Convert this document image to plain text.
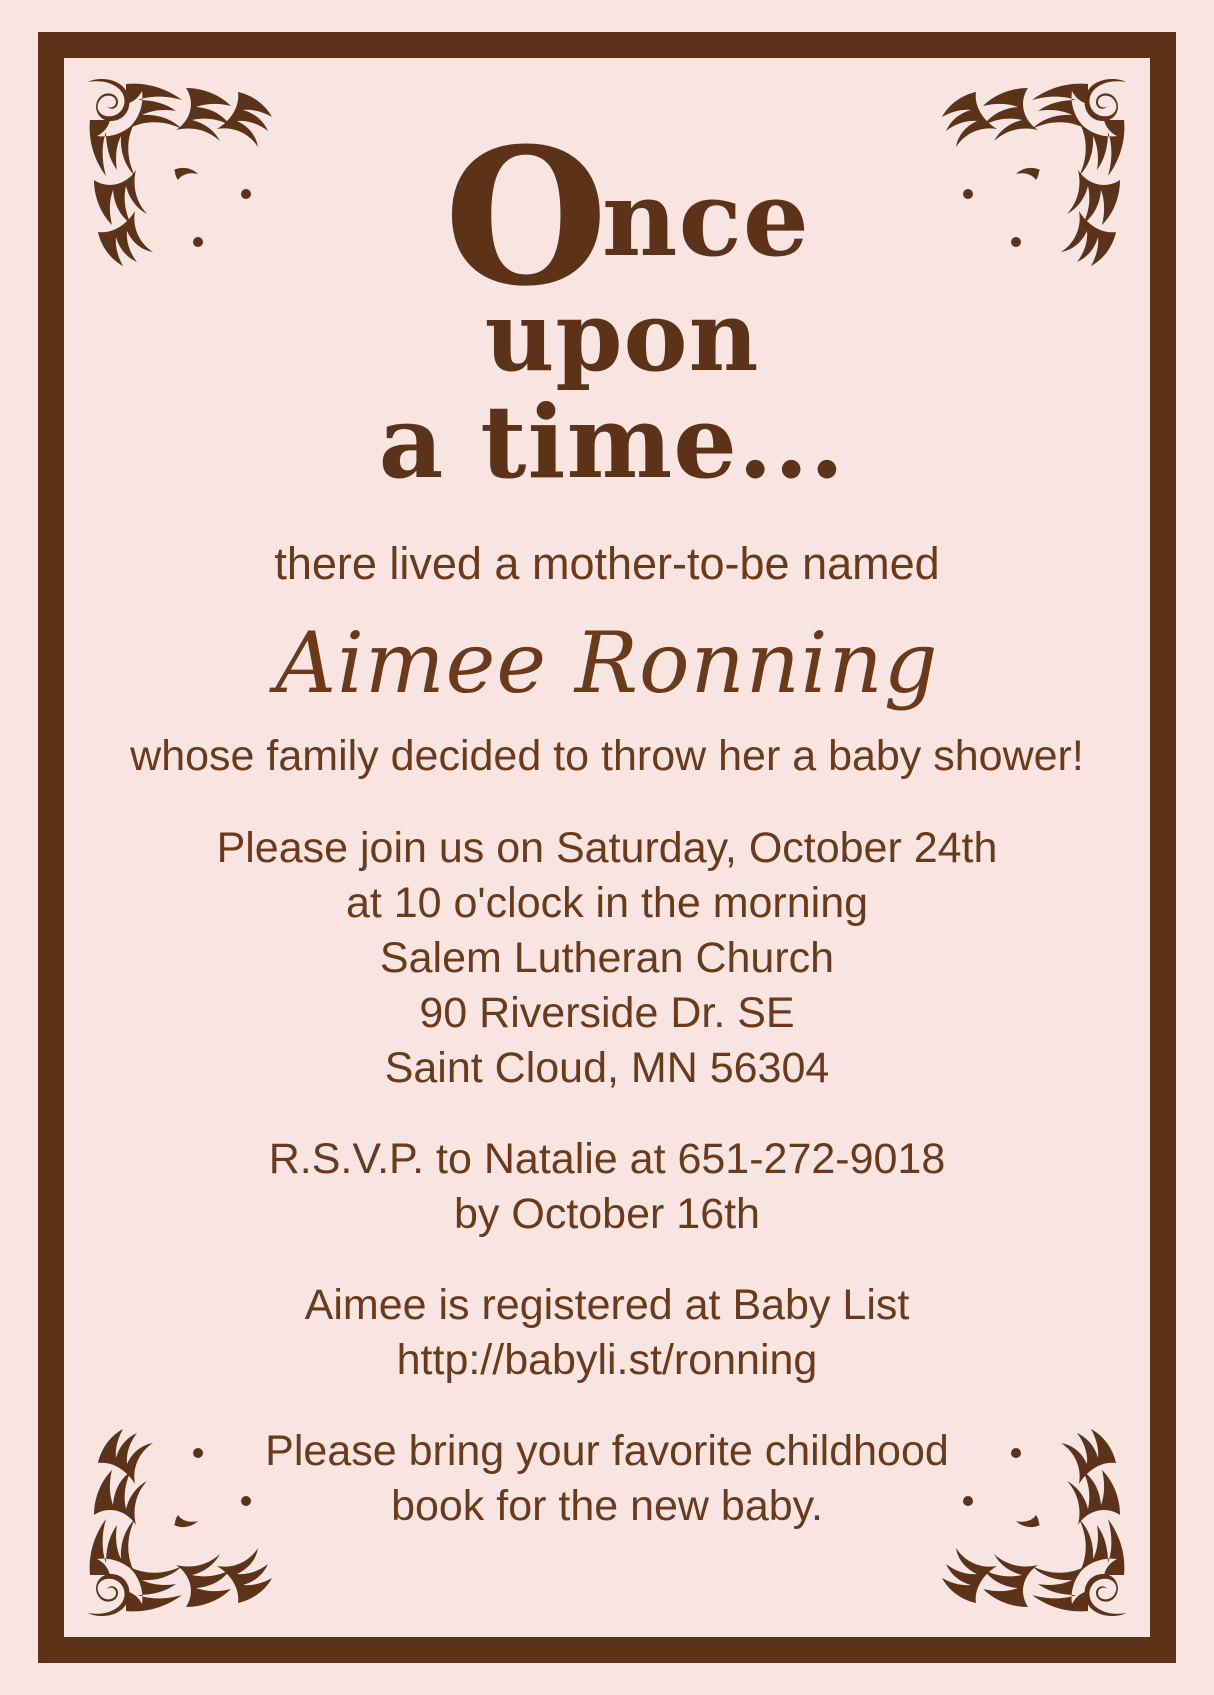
Once
upon
a time...
there lived a mother-to-be named
Aimee Ronning
whose family decided to throw her a baby shower!
Please join us on Saturday, October 24th
at 10 o'clock in the morning
Salem Lutheran Church
90 Riverside Dr. SE
Saint Cloud, MN 56304
R.S.V.P. to Natalie at 651-272-9018
by October 16th
Aimee is registered at Baby List
http://babyli.st/ronning
Please bring your favorite childhood
book for the new baby.
